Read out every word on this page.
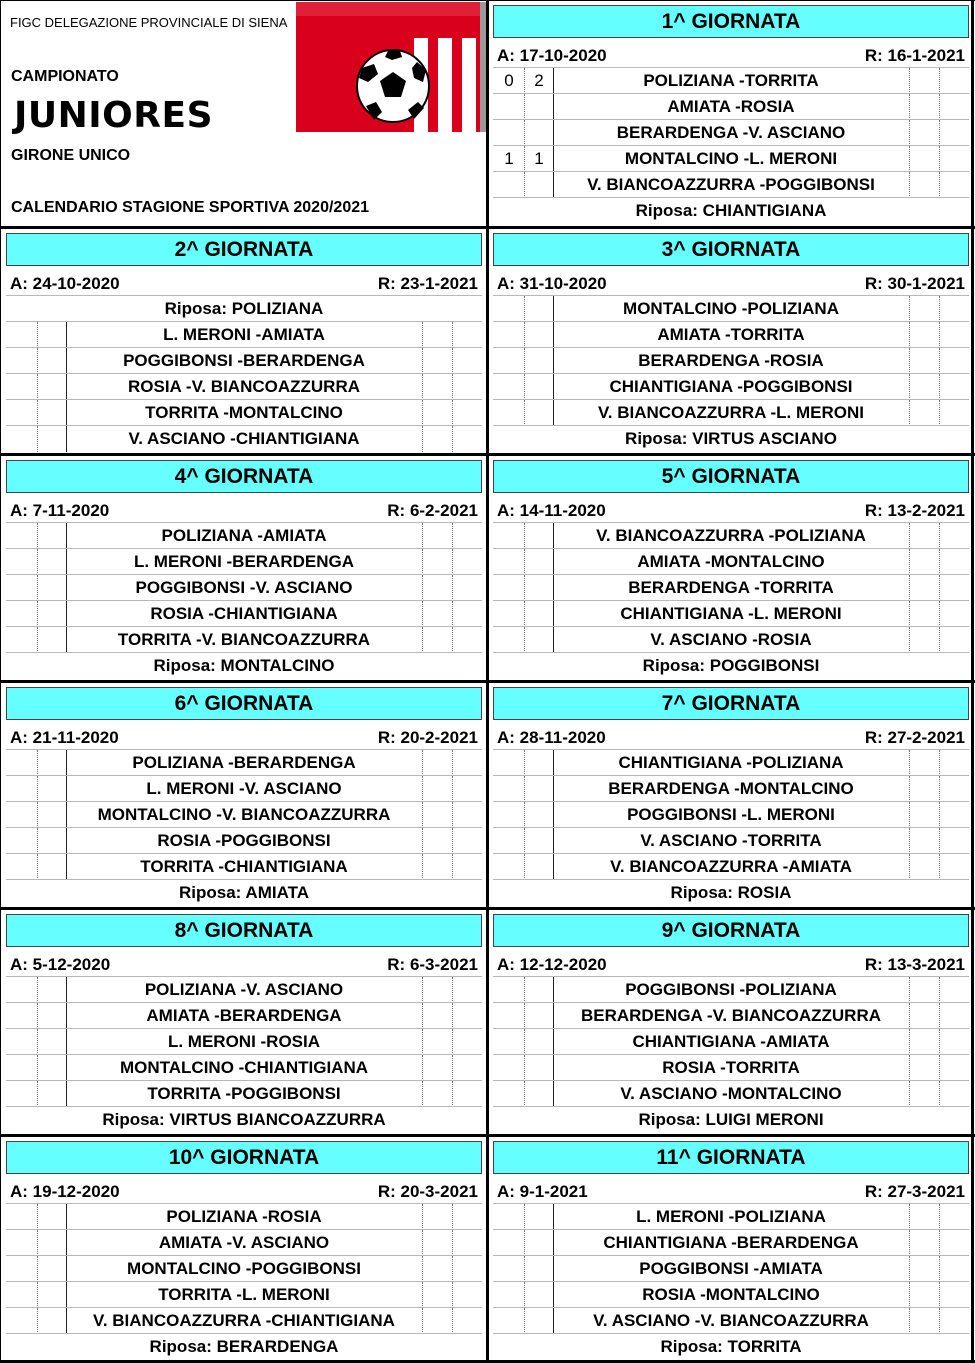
FIGC DELEGAZIONE PROVINCIALE DI SIENA
CAMPIONATO
JUNIORES
GIRONE UNICO
CALENDARIO STAGIONE SPORTIVA 2020/2021
1^ GIORNATA
A: 17-10-2020	R: 16-1-2021
0	2	POLIZIANA -TORRITA
AMIATA -ROSIA
BERARDENGA -V. ASCIANO
1	1	MONTALCINO -L. MERONI
V. BIANCOAZZURRA -POGGIBONSI
Riposa: CHIANTIGIANA
2^ GIORNATA
A: 24-10-2020	R: 23-1-2021
Riposa: POLIZIANA
L. MERONI -AMIATA
POGGIBONSI -BERARDENGA
ROSIA -V. BIANCOAZZURRA
TORRITA -MONTALCINO
V. ASCIANO -CHIANTIGIANA
3^ GIORNATA
A: 31-10-2020	R: 30-1-2021
MONTALCINO -POLIZIANA
AMIATA -TORRITA
BERARDENGA -ROSIA
CHIANTIGIANA -POGGIBONSI
V. BIANCOAZZURRA -L. MERONI
Riposa: VIRTUS ASCIANO
4^ GIORNATA
A: 7-11-2020	R: 6-2-2021
POLIZIANA -AMIATA
L. MERONI -BERARDENGA
POGGIBONSI -V. ASCIANO
ROSIA -CHIANTIGIANA
TORRITA -V. BIANCOAZZURRA
Riposa: MONTALCINO
5^ GIORNATA
A: 14-11-2020	R: 13-2-2021
V. BIANCOAZZURRA -POLIZIANA
AMIATA -MONTALCINO
BERARDENGA -TORRITA
CHIANTIGIANA -L. MERONI
V. ASCIANO -ROSIA
Riposa: POGGIBONSI
6^ GIORNATA
A: 21-11-2020	R: 20-2-2021
POLIZIANA -BERARDENGA
L. MERONI -V. ASCIANO
MONTALCINO -V. BIANCOAZZURRA
ROSIA -POGGIBONSI
TORRITA -CHIANTIGIANA
Riposa: AMIATA
7^ GIORNATA
A: 28-11-2020	R: 27-2-2021
CHIANTIGIANA -POLIZIANA
BERARDENGA -MONTALCINO
POGGIBONSI -L. MERONI
V. ASCIANO -TORRITA
V. BIANCOAZZURRA -AMIATA
Riposa: ROSIA
8^ GIORNATA
A: 5-12-2020	R: 6-3-2021
POLIZIANA -V. ASCIANO
AMIATA -BERARDENGA
L. MERONI -ROSIA
MONTALCINO -CHIANTIGIANA
TORRITA -POGGIBONSI
Riposa: VIRTUS BIANCOAZZURRA
9^ GIORNATA
A: 12-12-2020	R: 13-3-2021
POGGIBONSI -POLIZIANA
BERARDENGA -V. BIANCOAZZURRA
CHIANTIGIANA -AMIATA
ROSIA -TORRITA
V. ASCIANO -MONTALCINO
Riposa: LUIGI MERONI
10^ GIORNATA
A: 19-12-2020	R: 20-3-2021
POLIZIANA -ROSIA
AMIATA -V. ASCIANO
MONTALCINO -POGGIBONSI
TORRITA -L. MERONI
V. BIANCOAZZURRA -CHIANTIGIANA
Riposa: BERARDENGA
11^ GIORNATA
A: 9-1-2021	R: 27-3-2021
L. MERONI -POLIZIANA
CHIANTIGIANA -BERARDENGA
POGGIBONSI -AMIATA
ROSIA -MONTALCINO
V. ASCIANO -V. BIANCOAZZURRA
Riposa: TORRITA
